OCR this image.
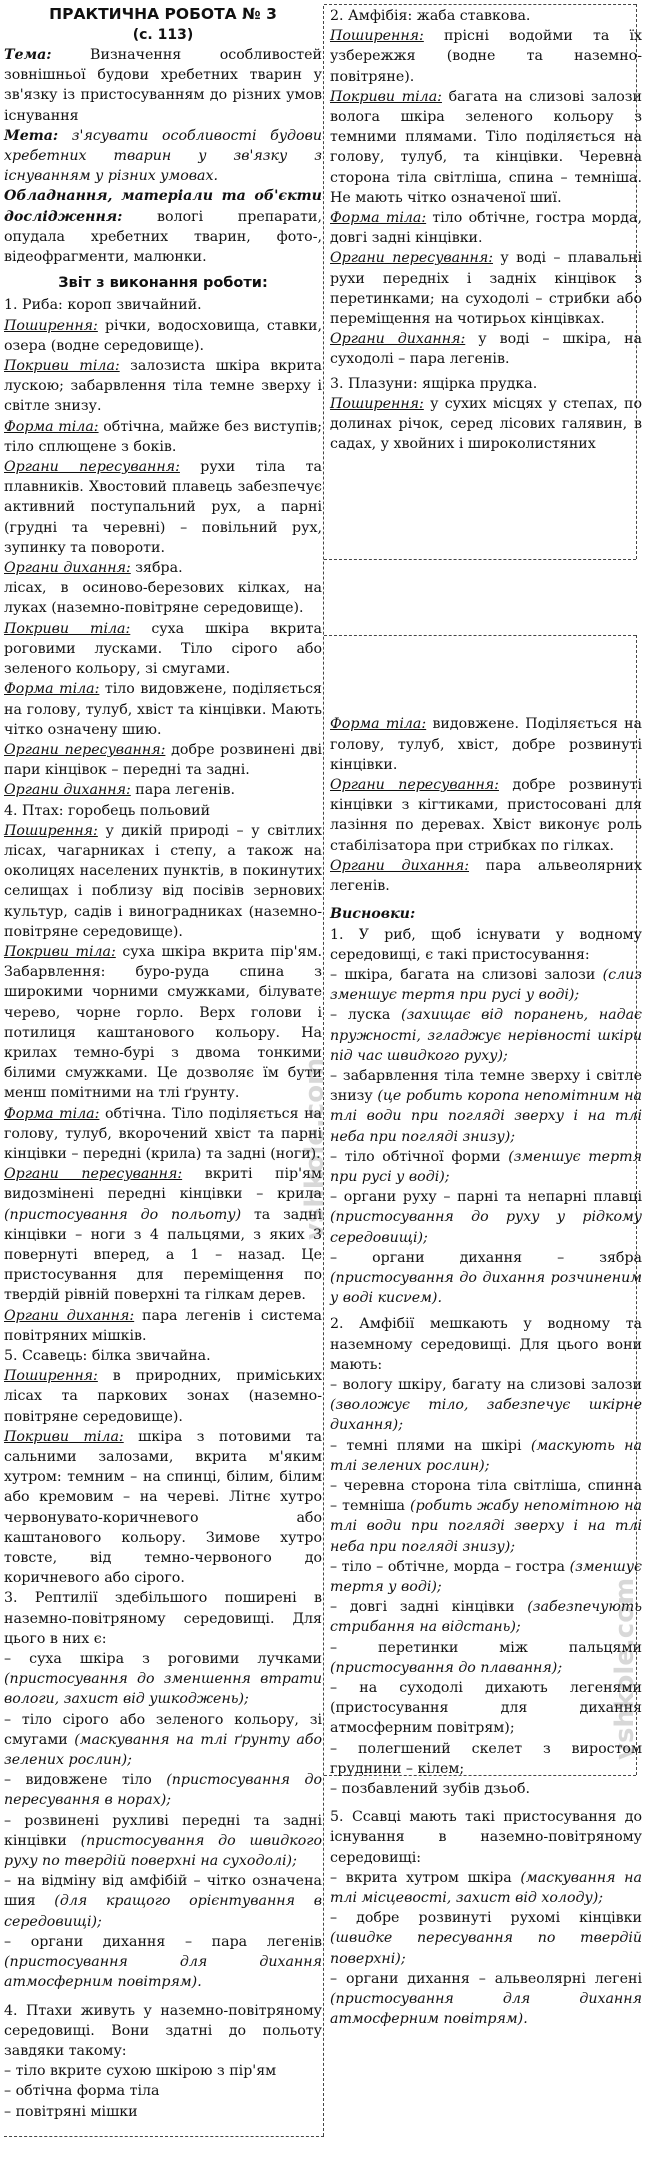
vshkole.com
vshkole.com
ПРАКТИЧНА РОБОТА № 3
(с. 113)

Тема: Визначення особливостей зовнішньої будови хребетних тварин у зв'язку із пристосуванням до різних умов існування

Мета: з'ясувати особливості будови хребетних тварин у зв'язку з існуванням у різних умовах.

Обладнання, матеріали та об'єкти дослідження: вологі препарати, опудала хребетних тварин, фото-, відеофрагменти, малюнки.

Звіт з виконання роботи:

1. Риба: короп звичайний.

Поширення: річки, водосховища, ставки, озера (водне середовище).

Покриви тіла: залозиста шкіра вкрита лускою; забарвлення тіла темне зверху і світле знизу.

Форма тіла: обтічна, майже без виступів; тіло сплющене з боків.

Органи пересування: рухи тіла та плавників. Хвостовий плавець забезпечує активний поступальний рух, а парні (грудні та черевні) – повільний рух, зупинку та повороти.

Органи дихання: зябра.

лісах, в осиново-березових кілках, на луках (наземно-повітряне середовище).

Покриви тіла: суха шкіра вкрита роговими лусками. Тіло сірого або зеленого кольору, зі смугами.

Форма тіла: тіло видовжене, поділяється на голову, тулуб, хвіст та кінцівки. Мають чітко означену шию.

Органи пересування: добре розвинені дві пари кінцівок – передні та задні.

Органи дихання: пара легенів.

4. Птах: горобець польовий

Поширення: у дикій природі – у світлих лісах, чагарниках і степу, а також на околицях населених пунктів, в покинутих селищах і поблизу від посівів зернових культур, садів і виноградниках (наземно-повітряне середовище).

Покриви тіла: суха шкіра вкрита пір'ям. Забарвлення: буро-руда спина з широкими чорними смужками, білувате черево, чорне горло. Верх голови і потилиця каштанового кольору. На крилах темно-бурі з двома тонкими білими смужками. Це дозволяє їм бути менш помітними на тлі ґрунту.

Форма тіла: обтічна. Тіло поділяється на голову, тулуб, вкорочений хвіст та парні кінцівки – передні (крила) та задні (ноги).

Органи пересування: вкриті пір'ям видозмінені передні кінцівки – крила (пристосування до польоту) та задні кінцівки – ноги з 4 пальцями, з яких 3 повернуті вперед, а 1 – назад. Це пристосування для переміщення по твердій рівній поверхні та гілкам дерев.

Органи дихання: пара легенів і система повітряних мішків.

5. Ссавець: білка звичайна.

Поширення: в природних, приміських лісах та паркових зонах (наземно-повітряне середовище).

Покриви тіла: шкіра з потовими та сальними залозами, вкрита м'яким хутром: темним – на спинці, білим, білим або кремовим – на череві. Літнє хутро червонувато-коричневого або каштанового кольору. Зимове хутро товсте, від темно-червоного до коричневого або сірого.

3. Рептилії здебільшого поширені в наземно-повітряному середовищі. Для цього в них є:

– суха шкіра з роговими лучками (пристосування до зменшення втрати вологи, захист від ушкоджень);

– тіло сірого або зеленого кольору, зі смугами (маскування на тлі ґрунту або зелених рослин);

– видовжене тіло (пристосування до пересування в норах);

– розвинені рухливі передні та задні кінцівки (пристосування до швидкого руху по твердій поверхні на суходолі);

– на відміну від амфібій – чітко означена шия (для кращого орієнтування в середовищі);

– органи дихання – пара легенів (пристосування для дихання атмосферним повітрям).

4. Птахи живуть у наземно-повітряному середовищі. Вони здатні до польоту завдяки такому:

– тіло вкрите сухою шкірою з пір'ям

– обтічна форма тіла

– повітряні мішки

2. Амфібія: жаба ставкова.

Поширення: прісні водойми та їх узбережжя (водне та наземно-повітряне).

Покриви тіла: багата на слизові залози волога шкіра зеленого кольору з темними плямами. Тіло поділяється на голову, тулуб, та кінцівки. Черевна сторона тіла світліша, спина – темніша. Не мають чітко означеної шиї.

Форма тіла: тіло обтічне, гостра морда, довгі задні кінцівки.

Органи пересування: у воді – плавальні рухи передніх і задніх кінцівок з перетинками; на суходолі – стрибки або переміщення на чотирьох кінцівках.

Органи дихання: у воді – шкіра, на суходолі – пара легенів.

3. Плазуни: ящірка прудка.

Поширення: у сухих місцях у степах, по долинах річок, серед лісових галявин, в садах, у хвойних і широколистяних

Форма тіла: видовжене. Поділяється на голову, тулуб, хвіст, добре розвинуті кінцівки.

Органи пересування: добре розвинуті кінцівки з кігтиками, пристосовані для лазіння по деревах. Хвіст виконує роль стабілізатора при стрибках по гілках.

Органи дихання: пара альвеолярних легенів.

Висновки:

1. У риб, щоб існувати у водному середовищі, є такі пристосування:

– шкіра, багата на слизові залози (слиз зменшує тертя при русі у воді);

– луска (захищає від поранень, надає пружності, згладжує нерівності шкіри під час швидкого руху);

– забарвлення тіла темне зверху і світле знизу (це робить коропа непомітним на тлі води при погляді зверху і на тлі неба при погляді знизу);

– тіло обтічної форми (зменшує тертя при русі у воді);

– органи руху – парні та непарні плавці (пристосування до руху у рідкому середовищі);

– органи дихання – зябра (пристосування до дихання розчиненим у воді кисνем).

2. Амфібії мешкають у водному та наземному середовищі. Для цього вони мають:

– вологу шкіру, багату на слизові залози (зволожує тіло, забезпечує шкірне дихання);

– темні плями на шкірі (маскують на тлі зелених рослин);

– черевна сторона тіла світліша, спинна – темніша (робить жабу непомітною на тлі води при погляді зверху і на тлі неба при погляді знизу);

– тіло – обтічне, морда – гостра (зменшує тертя у воді);

– довгі задні кінцівки (забезпечують стрибання на відстань);

– перетинки між пальцями (пристосування до плавання);

– на суходолі дихають легенями (пристосування для дихання атмосферним повітрям);

– полегшений скелет з виростом груднини – кілем;

– позбавлений зубів дзьоб.

5. Ссавці мають такі пристосування до існування в наземно-повітряному середовищі:

– вкрита хутром шкіра (маскування на тлі місцевості, захист від холоду);

– добре розвинуті рухомі кінцівки (швидке пересування по твердій поверхні);

– органи дихання – альвеолярні легені (пристосування для дихання атмосферним повітрям).
